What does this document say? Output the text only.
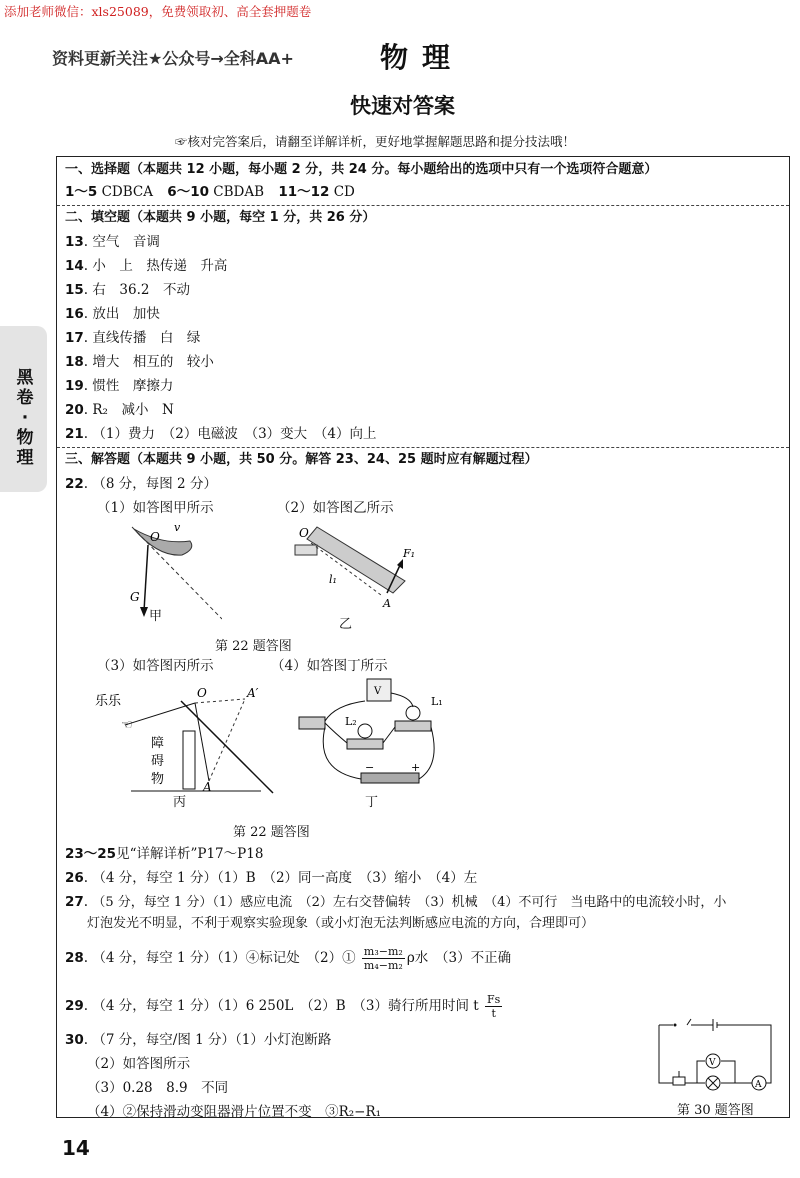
添加老师微信：xls25089，免费领取初、高全套押题卷
资料更新关注★公众号→全科AA+	物理
快速对答案
☞核对完答案后，请翻至详解详析，更好地掌握解题思路和提分技法哦！
黑
卷
·
物
理
一、选择题（本题共 12 小题，每小题 2 分，共 24 分。每小题给出的选项中只有一个选项符合题意）
1～5 CDBCA 6～10 CBDAB 11～12 CD
二、填空题（本题共 9 小题，每空 1 分，共 26 分）
13. 空气　音调
14. 小　上　热传递　升高
15. 右　36.2　不动
16. 放出　加快
17. 直线传播　白　绿
18. 增大　相互的　较小
19. 惯性　摩擦力
20. R₂　减小　N
21. （1）费力　（2）电磁波　（3）变大　（4）向上
三、解答题（本题共 9 小题，共 50 分。解答 23、24、25 题时应有解题过程）
22. （8 分，每图 2 分）
（1）如答图甲所示	（2）如答图乙所示
O
v
G
甲
O
F₁
l₁
A
乙
第 22 题答图
（3）如答图丙所示	（4）如答图丁所示
O	A′
A
乐乐
☜
障
碍
物
丙
V
L₁
L₂
−	+
丁
第 22 题答图
23～25见“详解详析”P17～P18
26. （4 分，每空 1 分）（1）B　（2）同一高度　（3）缩小　（4）左
27. （5 分，每空 1 分）（1）感应电流　（2）左右交替偏转　（3）机械　（4）不可行　当电路中的电流较小时，小
灯泡发光不明显，不利于观察实验现象（或小灯泡无法判断感应电流的方向，合理即可）
28. （4 分，每空 1 分）（1）④标记处　（2）① $\frac{\text{m₃−m₂}}{\text{m₄−m₂}}$ ρ水　 （3）不正确
29. （4 分，每空 1 分）（1）6 250L　（2）B　（3）骑行所用时间 t $\frac{Fs}{t}$
30. （7 分，每空/图 1 分）（1）小灯泡断路
（2）如答图所示
（3）0.28　8.9　不同
（4）②保持滑动变阻器滑片位置不变　③R₂−R₁
A
V
第 30 题答图
14
